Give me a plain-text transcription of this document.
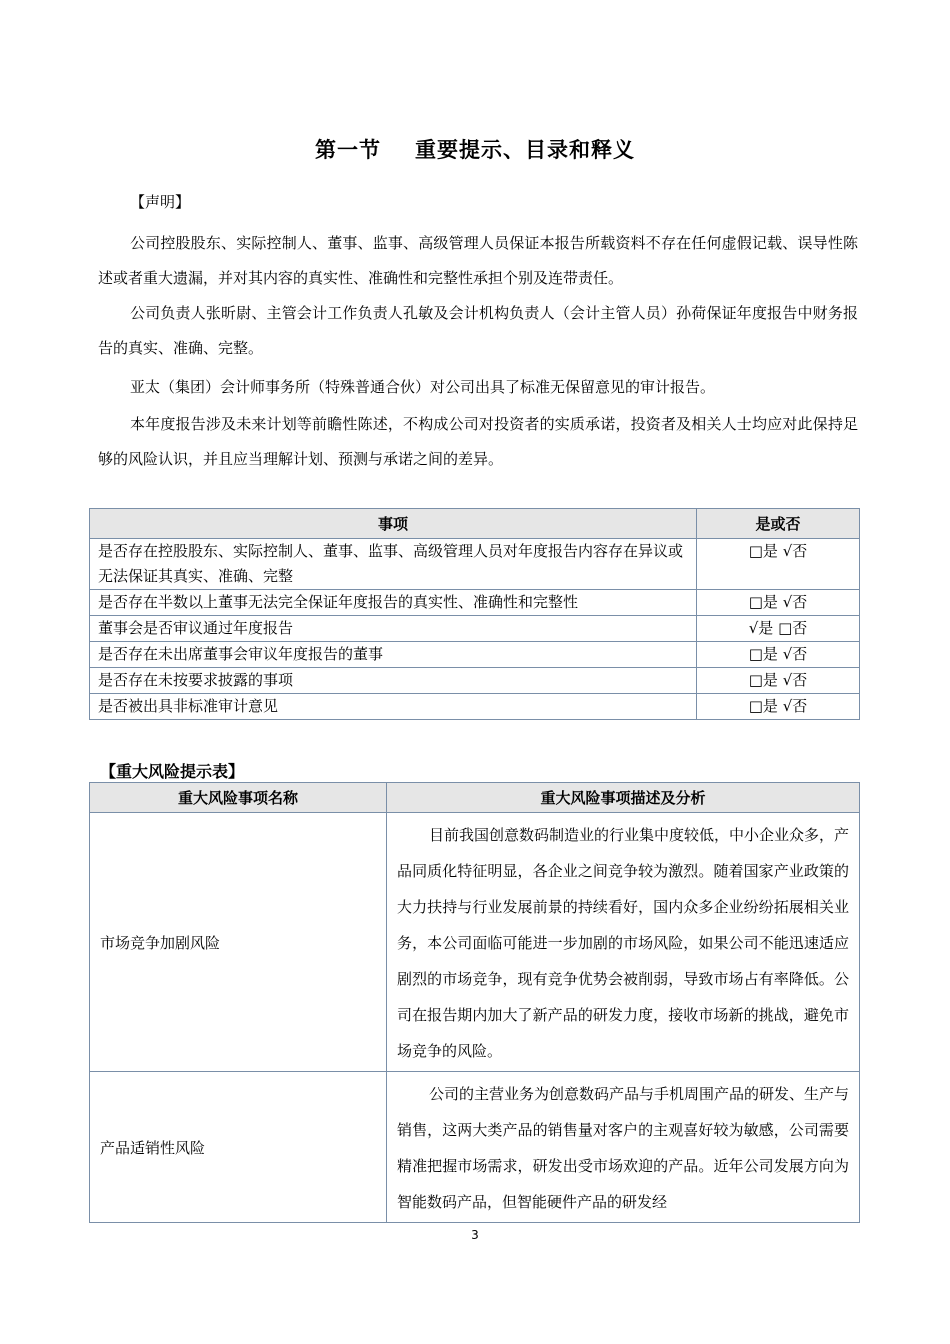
第一节 重要提示、目录和释义
【声明】

公司控股股东、实际控制人、董事、监事、高级管理人员保证本报告所载资料不存在任何虚假记载、误导性陈述或者重大遗漏，并对其内容的真实性、准确性和完整性承担个别及连带责任。

公司负责人张昕尉、主管会计工作负责人孔敏及会计机构负责人（会计主管人员）孙荷保证年度报告中财务报告的真实、准确、完整。

亚太（集团）会计师事务所（特殊普通合伙）对公司出具了标准无保留意见的审计报告。

本年度报告涉及未来计划等前瞻性陈述，不构成公司对投资者的实质承诺，投资者及相关人士均应对此保持足够的风险认识，并且应当理解计划、预测与承诺之间的差异。

事项	是或否
是否存在控股股东、实际控制人、董事、监事、高级管理人员对年度报告内容存在异议或无法保证其真实、准确、完整	□是 √否
是否存在半数以上董事无法完全保证年度报告的真实性、准确性和完整性	□是 √否
董事会是否审议通过年度报告	√是 □否
是否存在未出席董事会审议年度报告的董事	□是 √否
是否存在未按要求披露的事项	□是 √否
是否被出具非标准审计意见	□是 √否
【重大风险提示表】
重大风险事项名称	重大风险事项描述及分析
市场竞争加剧风险	目前我国创意数码制造业的行业集中度较低，中小企业众多，产品同质化特征明显，各企业之间竞争较为激烈。随着国家产业政策的大力扶持与行业发展前景的持续看好，国内众多企业纷纷拓展相关业务，本公司面临可能进一步加剧的市场风险，如果公司不能迅速适应剧烈的市场竞争，现有竞争优势会被削弱，导致市场占有率降低。公司在报告期内加大了新产品的研发力度，接收市场新的挑战，避免市场竞争的风险。
产品适销性风险	公司的主营业务为创意数码产品与手机周围产品的研发、生产与销售，这两大类产品的销售量对客户的主观喜好较为敏感，公司需要精准把握市场需求，研发出受市场欢迎的产品。近年公司发展方向为智能数码产品，但智能硬件产品的研发经
3
